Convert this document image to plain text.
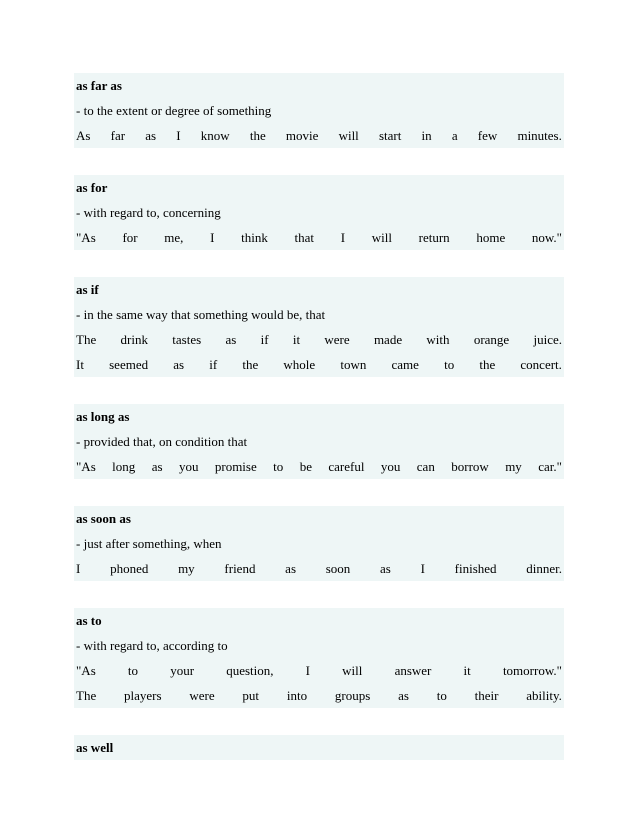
as far as
- to the extent or degree of something
As far as I know the movie will start in a few minutes.
as for
- with regard to, concerning
"As for me, I think that I will return home now."
as if
- in the same way that something would be, that
The drink tastes as if it were made with orange juice.
It seemed as if the whole town came to the concert.
as long as
- provided that, on condition that
"As long as you promise to be careful you can borrow my car."
as soon as
- just after something, when
I phoned my friend as soon as I finished dinner.
as to
- with regard to, according to
"As to your question, I will answer it tomorrow."
The players were put into groups as to their ability.
as well
